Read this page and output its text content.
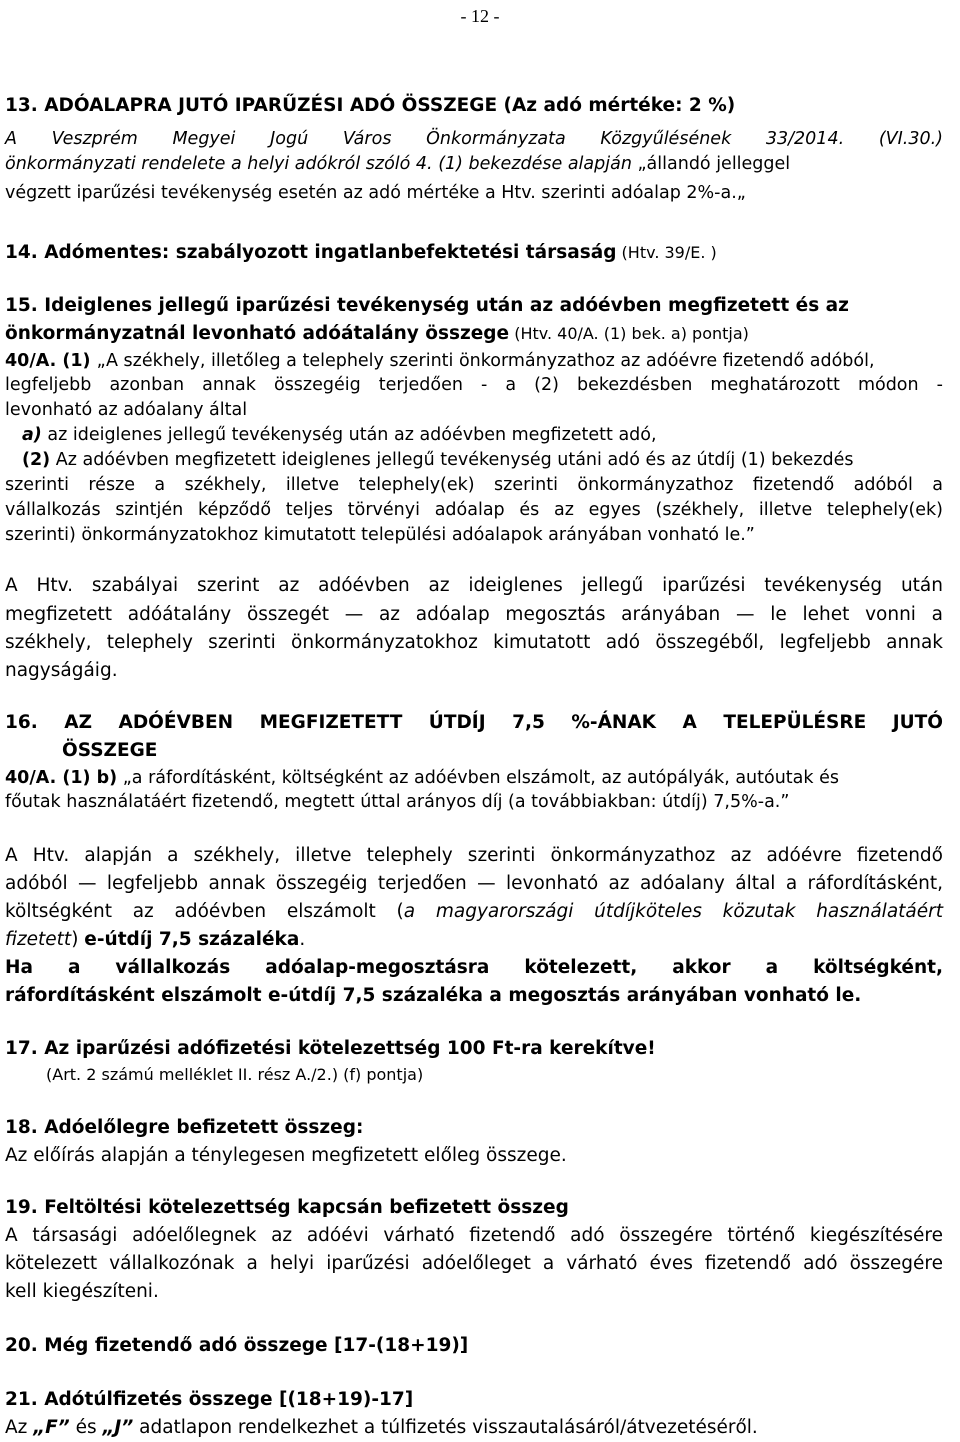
- 12 -
13. ADÓALAPRA JUTÓ IPARŰZÉSI ADÓ ÖSSZEGE (Az adó mértéke: 2 %)
A Veszprém Megyei Jogú Város Önkormányzata Közgyűlésének 33/2014. (VI.30.)
önkormányzati rendelete a helyi adókról szóló 4. (1) bekezdése alapján „állandó jelleggel
végzett iparűzési tevékenység esetén az adó mértéke a Htv. szerinti adóalap 2%-a.„
14. Adómentes: szabályozott ingatlanbefektetési társaság (Htv. 39/E. )
15. Ideiglenes jellegű iparűzési tevékenység után az adóévben megfizetett és az
önkormányzatnál levonható adóátalány összege (Htv. 40/A. (1) bek. a) pontja)
40/A. (1) „A székhely, illetőleg a telephely szerinti önkormányzathoz az adóévre fizetendő adóból,
legfeljebb azonban annak összegéig terjedően - a (2) bekezdésben meghatározott módon -
levonható az adóalany által
a) az ideiglenes jellegű tevékenység után az adóévben megfizetett adó,
(2) Az adóévben megfizetett ideiglenes jellegű tevékenység utáni adó és az útdíj (1) bekezdés
szerinti része a székhely, illetve telephely(ek) szerinti önkormányzathoz fizetendő adóból a
vállalkozás szintjén képződő teljes törvényi adóalap és az egyes (székhely, illetve telephely(ek)
szerinti) önkormányzatokhoz kimutatott települési adóalapok arányában vonható le.”
A Htv. szabályai szerint az adóévben az ideiglenes jellegű iparűzési tevékenység után
megfizetett adóátalány összegét — az adóalap megosztás arányában — le lehet vonni a
székhely, telephely szerinti önkormányzatokhoz kimutatott adó összegéből, legfeljebb annak
nagyságáig.
16. AZ ADÓÉVBEN MEGFIZETETT ÚTDÍJ 7,5 %-ÁNAK A TELEPÜLÉSRE JUTÓ
ÖSSZEGE
40/A. (1) b) „a ráfordításként, költségként az adóévben elszámolt, az autópályák, autóutak és
főutak használatáért fizetendő, megtett úttal arányos díj (a továbbiakban: útdíj) 7,5%-a.”
A Htv. alapján a székhely, illetve telephely szerinti önkormányzathoz az adóévre fizetendő
adóból — legfeljebb annak összegéig terjedően — levonható az adóalany által a ráfordításként,
költségként az adóévben elszámolt (a magyarországi útdíjköteles közutak használatáért
fizetett) e-útdíj 7,5 százaléka.
Ha a vállalkozás adóalap-megosztásra kötelezett, akkor a költségként,
ráfordításként elszámolt e-útdíj 7,5 százaléka a megosztás arányában vonható le.
17. Az iparűzési adófizetési kötelezettség 100 Ft-ra kerekítve!
(Art. 2 számú melléklet II. rész A./2.) (f) pontja)
18. Adóelőlegre befizetett összeg:
Az előírás alapján a ténylegesen megfizetett előleg összege.
19. Feltöltési kötelezettség kapcsán befizetett összeg
A társasági adóelőlegnek az adóévi várható fizetendő adó összegére történő kiegészítésére
kötelezett vállalkozónak a helyi iparűzési adóelőleget a várható éves fizetendő adó összegére
kell kiegészíteni.
20. Még fizetendő adó összege [17-(18+19)]
21. Adótúlfizetés összege [(18+19)-17]
Az „F” és „J” adatlapon rendelkezhet a túlfizetés visszautalásáról/átvezetéséről.
